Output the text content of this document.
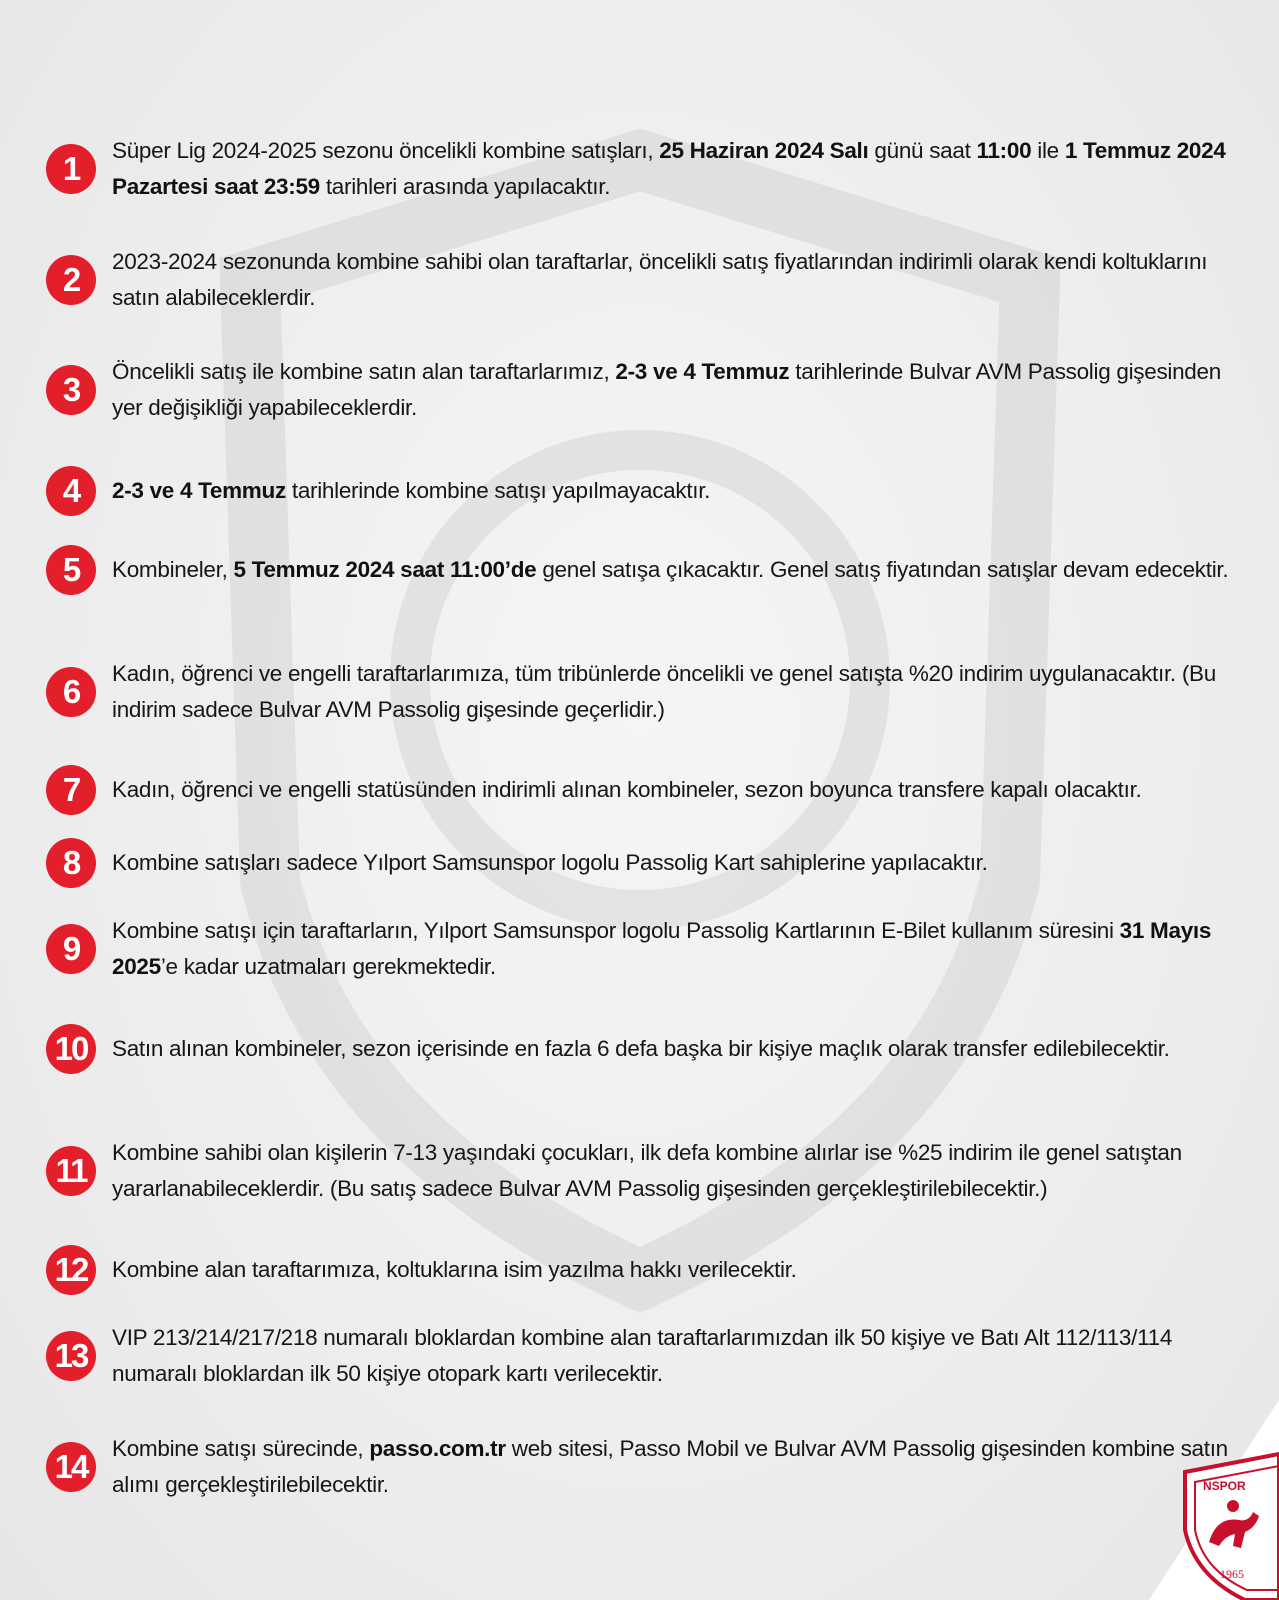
1	Süper Lig 2024-2025 sezonu öncelikli kombine satışları, 25 Haziran 2024 Salı günü saat 11:00 ile 1 Temmuz 2024 Pazartesi saat 23:59 tarihleri arasında yapılacaktır.
2	2023-2024 sezonunda kombine sahibi olan taraftarlar, öncelikli satış fiyatlarından indirimli olarak kendi koltuklarını satın alabileceklerdir.
3	Öncelikli satış ile kombine satın alan taraftarlarımız, 2-3 ve 4 Temmuz tarihlerinde Bulvar AVM Passolig gişesinden yer değişikliği yapabileceklerdir.
4	2-3 ve 4 Temmuz tarihlerinde kombine satışı yapılmayacaktır.
5	Kombineler, 5 Temmuz 2024 saat 11:00’de genel satışa çıkacaktır. Genel satış fiyatından satışlar devam edecektir.
6	Kadın, öğrenci ve engelli taraftarlarımıza, tüm tribünlerde öncelikli ve genel satışta %20 indirim uygulanacaktır. (Bu indirim sadece Bulvar AVM Passolig gişesinde geçerlidir.)
7	Kadın, öğrenci ve engelli statüsünden indirimli alınan kombineler, sezon boyunca transfere kapalı olacaktır.
8	Kombine satışları sadece Yılport Samsunspor logolu Passolig Kart sahiplerine yapılacaktır.
9	Kombine satışı için taraftarların, Yılport Samsunspor logolu Passolig Kartlarının E-Bilet kullanım süresini 31 Mayıs 2025’e kadar uzatmaları gerekmektedir.
10	Satın alınan kombineler, sezon içerisinde en fazla 6 defa başka bir kişiye maçlık olarak transfer edilebilecektir.
11	Kombine sahibi olan kişilerin 7-13 yaşındaki çocukları, ilk defa kombine alırlar ise %25 indirim ile genel satıştan yararlanabileceklerdir. (Bu satış sadece Bulvar AVM Passolig gişesinden gerçekleştirilebilecektir.)
12	Kombine alan taraftarımıza, koltuklarına isim yazılma hakkı verilecektir.
13	VIP 213/214/217/218 numaralı bloklardan kombine alan taraftarlarımızdan ilk 50 kişiye ve Batı Alt 112/113/114 numaralı bloklardan ilk 50 kişiye otopark kartı verilecektir.
14	Kombine satışı sürecinde, passo.com.tr web sitesi, Passo Mobil ve Bulvar AVM Passolig gişesinden kombine satın alımı gerçekleştirilebilecektir.	NSPOR
1965
